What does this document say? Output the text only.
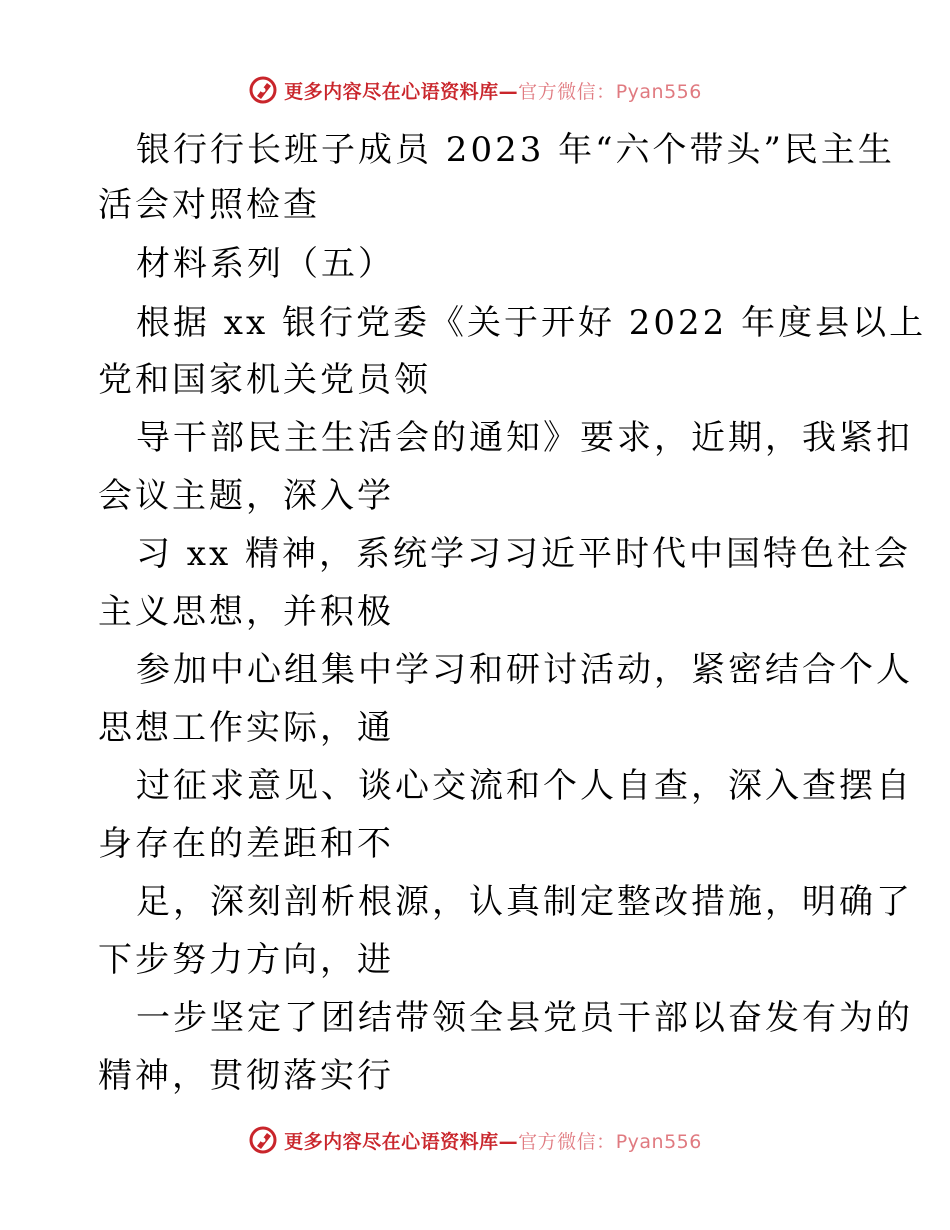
更多内容尽在心语资料库—官方微信：Pyan556
银行行长班子成员 2023 年“六个带头”民主生
活会对照检查
材料系列（五）
根据 xx 银行党委《关于开好 2022 年度县以上
党和国家机关党员领
导干部民主生活会的通知》要求，近期，我紧扣
会议主题，深入学
习 xx 精神，系统学习习近平时代中国特色社会
主义思想，并积极
参加中心组集中学习和研讨活动，紧密结合个人
思想工作实际，通
过征求意见、谈心交流和个人自查，深入查摆自
身存在的差距和不
足，深刻剖析根源，认真制定整改措施，明确了
下步努力方向，进
一步坚定了团结带领全县党员干部以奋发有为的
精神，贯彻落实行
更多内容尽在心语资料库—官方微信：Pyan556
